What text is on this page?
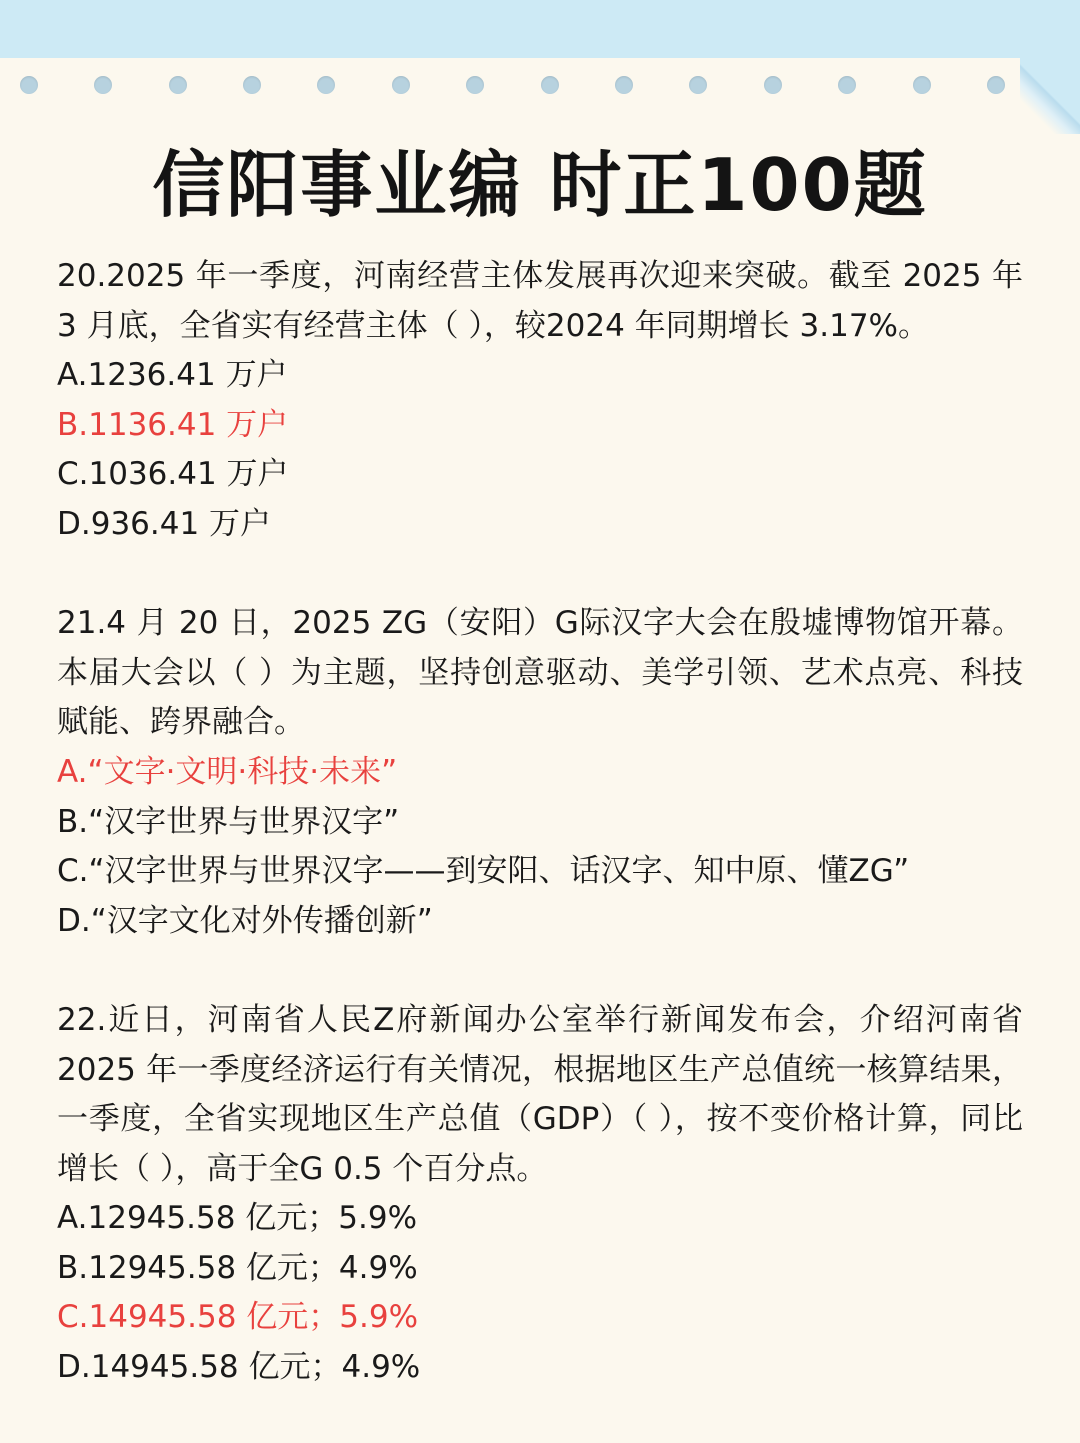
信阳事业编 时正100题

20.2025 年一季度，河南经营主体发展再次迎来突破。截至 2025 年 3 月底，全省实有经营主体（ ），较2024 年同期增长 3.17%。

A.1236.41 万户

B.1136.41 万户

C.1036.41 万户

D.936.41 万户

21.4 月 20 日，2025 ZG（安阳）G际汉字大会在殷墟博物馆开幕。本届大会以（ ）为主题，坚持创意驱动、美学引领、艺术点亮、科技赋能、跨界融合。

A.“文字·文明·科技·未来”

B.“汉字世界与世界汉字”

C.“汉字世界与世界汉字——到安阳、话汉字、知中原、懂ZG”

D.“汉字文化对外传播创新”

22.近日，河南省人民Z府新闻办公室举行新闻发布会，介绍河南省 2025 年一季度经济运行有关情况，根据地区生产总值统一核算结果，一季度，全省实现地区生产总值（GDP）（ ），按不变价格计算，同比增长（ ），高于全G 0.5 个百分点。

A.12945.58 亿元；5.9%

B.12945.58 亿元；4.9%

C.14945.58 亿元；5.9%

D.14945.58 亿元；4.9%
